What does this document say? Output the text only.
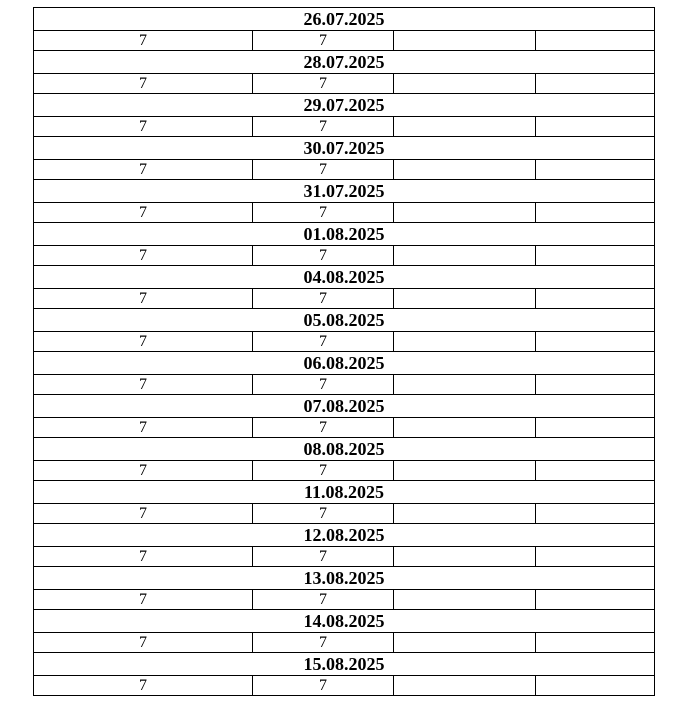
26.07.2025			
7	7		
28.07.2025			
7	7		
29.07.2025			
7	7		
30.07.2025			
7	7		
31.07.2025			
7	7		
01.08.2025			
7	7		
04.08.2025			
7	7		
05.08.2025			
7	7		
06.08.2025			
7	7		
07.08.2025			
7	7		
08.08.2025			
7	7		
11.08.2025			
7	7		
12.08.2025			
7	7		
13.08.2025			
7	7		
14.08.2025			
7	7		
15.08.2025			
7	7		
